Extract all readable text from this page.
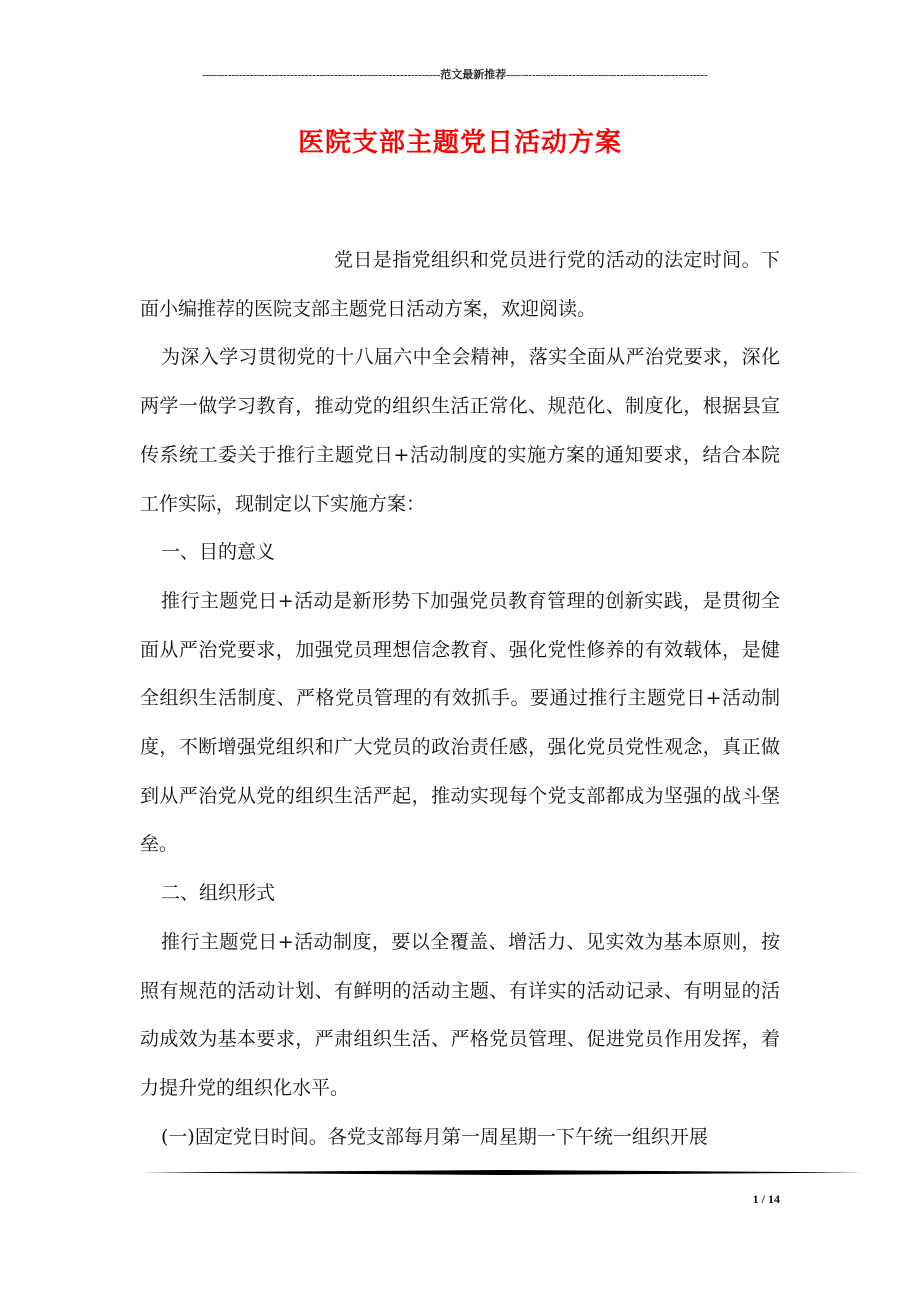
-----------------------------------------------------------------范文最新推荐-------------------------------------------------------
医院支部主题党日活动方案

党日是指党组织和党员进行党的活动的法定时间。下面小编推荐的医院支部主题党日活动方案，欢迎阅读。

为深入学习贯彻党的十八届六中全会精神，落实全面从严治党要求，深化两学一做学习教育，推动党的组织生活正常化、规范化、制度化，根据县宣传系统工委关于推行主题党日+活动制度的实施方案的通知要求，结合本院工作实际，现制定以下实施方案：

一、目的意义

推行主题党日+活动是新形势下加强党员教育管理的创新实践，是贯彻全面从严治党要求，加强党员理想信念教育、强化党性修养的有效载体，是健全组织生活制度、严格党员管理的有效抓手。要通过推行主题党日+活动制度，不断增强党组织和广大党员的政治责任感，强化党员党性观念，真正做到从严治党从党的组织生活严起，推动实现每个党支部都成为坚强的战斗堡垒。

二、组织形式

推行主题党日+活动制度，要以全覆盖、增活力、见实效为基本原则，按照有规范的活动计划、有鲜明的活动主题、有详实的活动记录、有明显的活动成效为基本要求，严肃组织生活、严格党员管理、促进党员作用发挥，着力提升党的组织化水平。

(一)固定党日时间。各党支部每月第一周星期一下午统一组织开展

1 / 14
